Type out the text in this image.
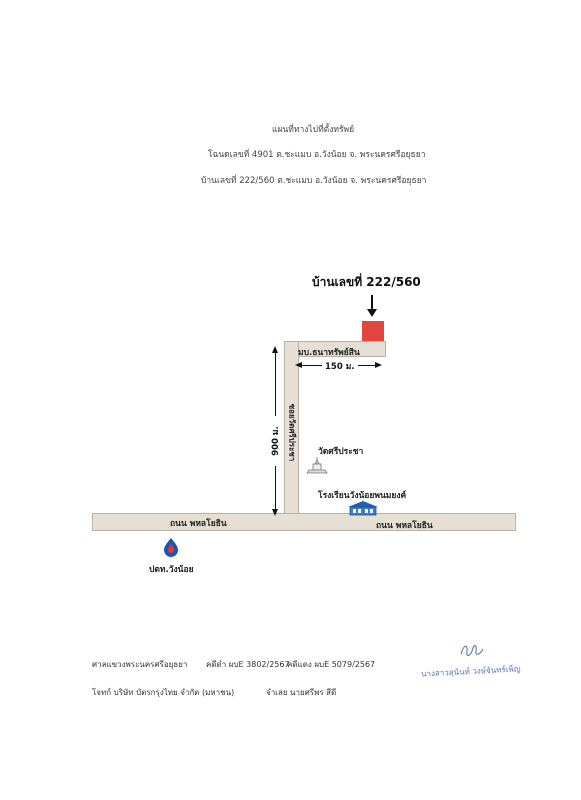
แผนที่ทางไปที่ตั้งทรัพย์
โฉนดเลขที่ 4901 ต.ชะแมบ อ.วังน้อย จ. พระนครศรีอยุธยา
บ้านเลขที่ 222/560 ต.ชะแมบ อ.วังน้อย จ. พระนครศรีอยุธยา
บ้านเลขที่ 222/560
มบ.ธนาทรัพย์สิน
150 ม.
900 ม. ซอยวัดศรีประชา	วัดศรีประชา
โรงเรียนวังน้อยพนมยงค์
ถนน พหลโยธิน	ถนน พหลโยธิน
ปตท.วังน้อย
ศาลแขวงพระนครศรีอยุธยา คดีดำ ผบE 3802/2567
คดีแดง ผบE 5079/2567
โจทก์ บริษัท บัตรกรุงไทย จำกัด (มหาชน)	จำเลย นายศรีพร สีดี
นางสาวสุนันท์ วงษ์จันทร์เพ็ญ
